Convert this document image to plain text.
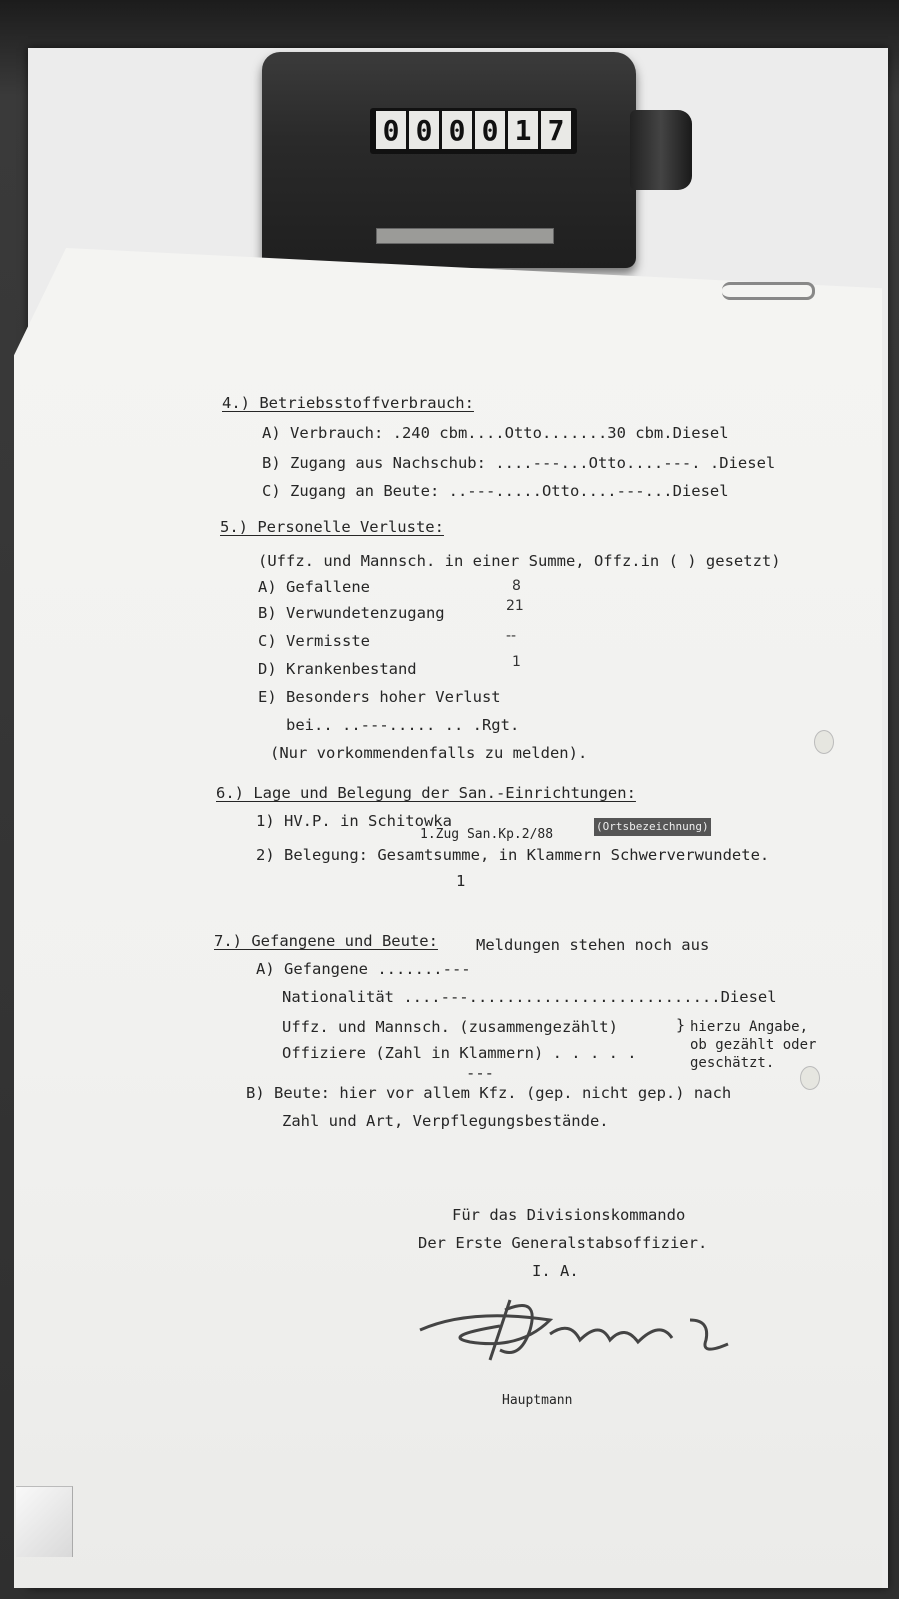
0 0 0 0 1 7
4.) Betriebsstoffverbrauch:
A) Verbrauch: .240 cbm....Otto.......30 cbm.Diesel
B) Zugang aus Nachschub: ....---...Otto....---. .Diesel
C) Zugang an Beute: ..---.....Otto....---...Diesel
5.) Personelle Verluste:
(Uffz. und Mannsch. in einer Summe, Offz.in ( ) gesetzt)
A) Gefallene	8
B) Verwundetenzugang	21
C) Vermisste	--
D) Krankenbestand	1
E) Besonders hoher Verlust
bei.. ..---..... .. .Rgt.
(Nur vorkommendenfalls zu melden).
6.) Lage und Belegung der San.-Einrichtungen:
1) HV.P. in Schitowka
1.Zug San.Kp.2/88
(Ortsbezeichnung)
2) Belegung: Gesamtsumme, in Klammern Schwerverwundete.
1
7.) Gefangene und Beute: Meldungen stehen noch aus
A) Gefangene .......---
Nationalität ....---...........................Diesel
Uffz. und Mannsch. (zusammengezählt)
Offiziere (Zahl in Klammern) . . . . .
} hierzu Angabe,
ob gezählt oder
geschätzt.
---
B) Beute: hier vor allem Kfz. (gep. nicht gep.) nach
Zahl und Art, Verpflegungsbestände.
Für das Divisionskommando
Der Erste Generalstabsoffizier.
I. A.
Hauptmann
